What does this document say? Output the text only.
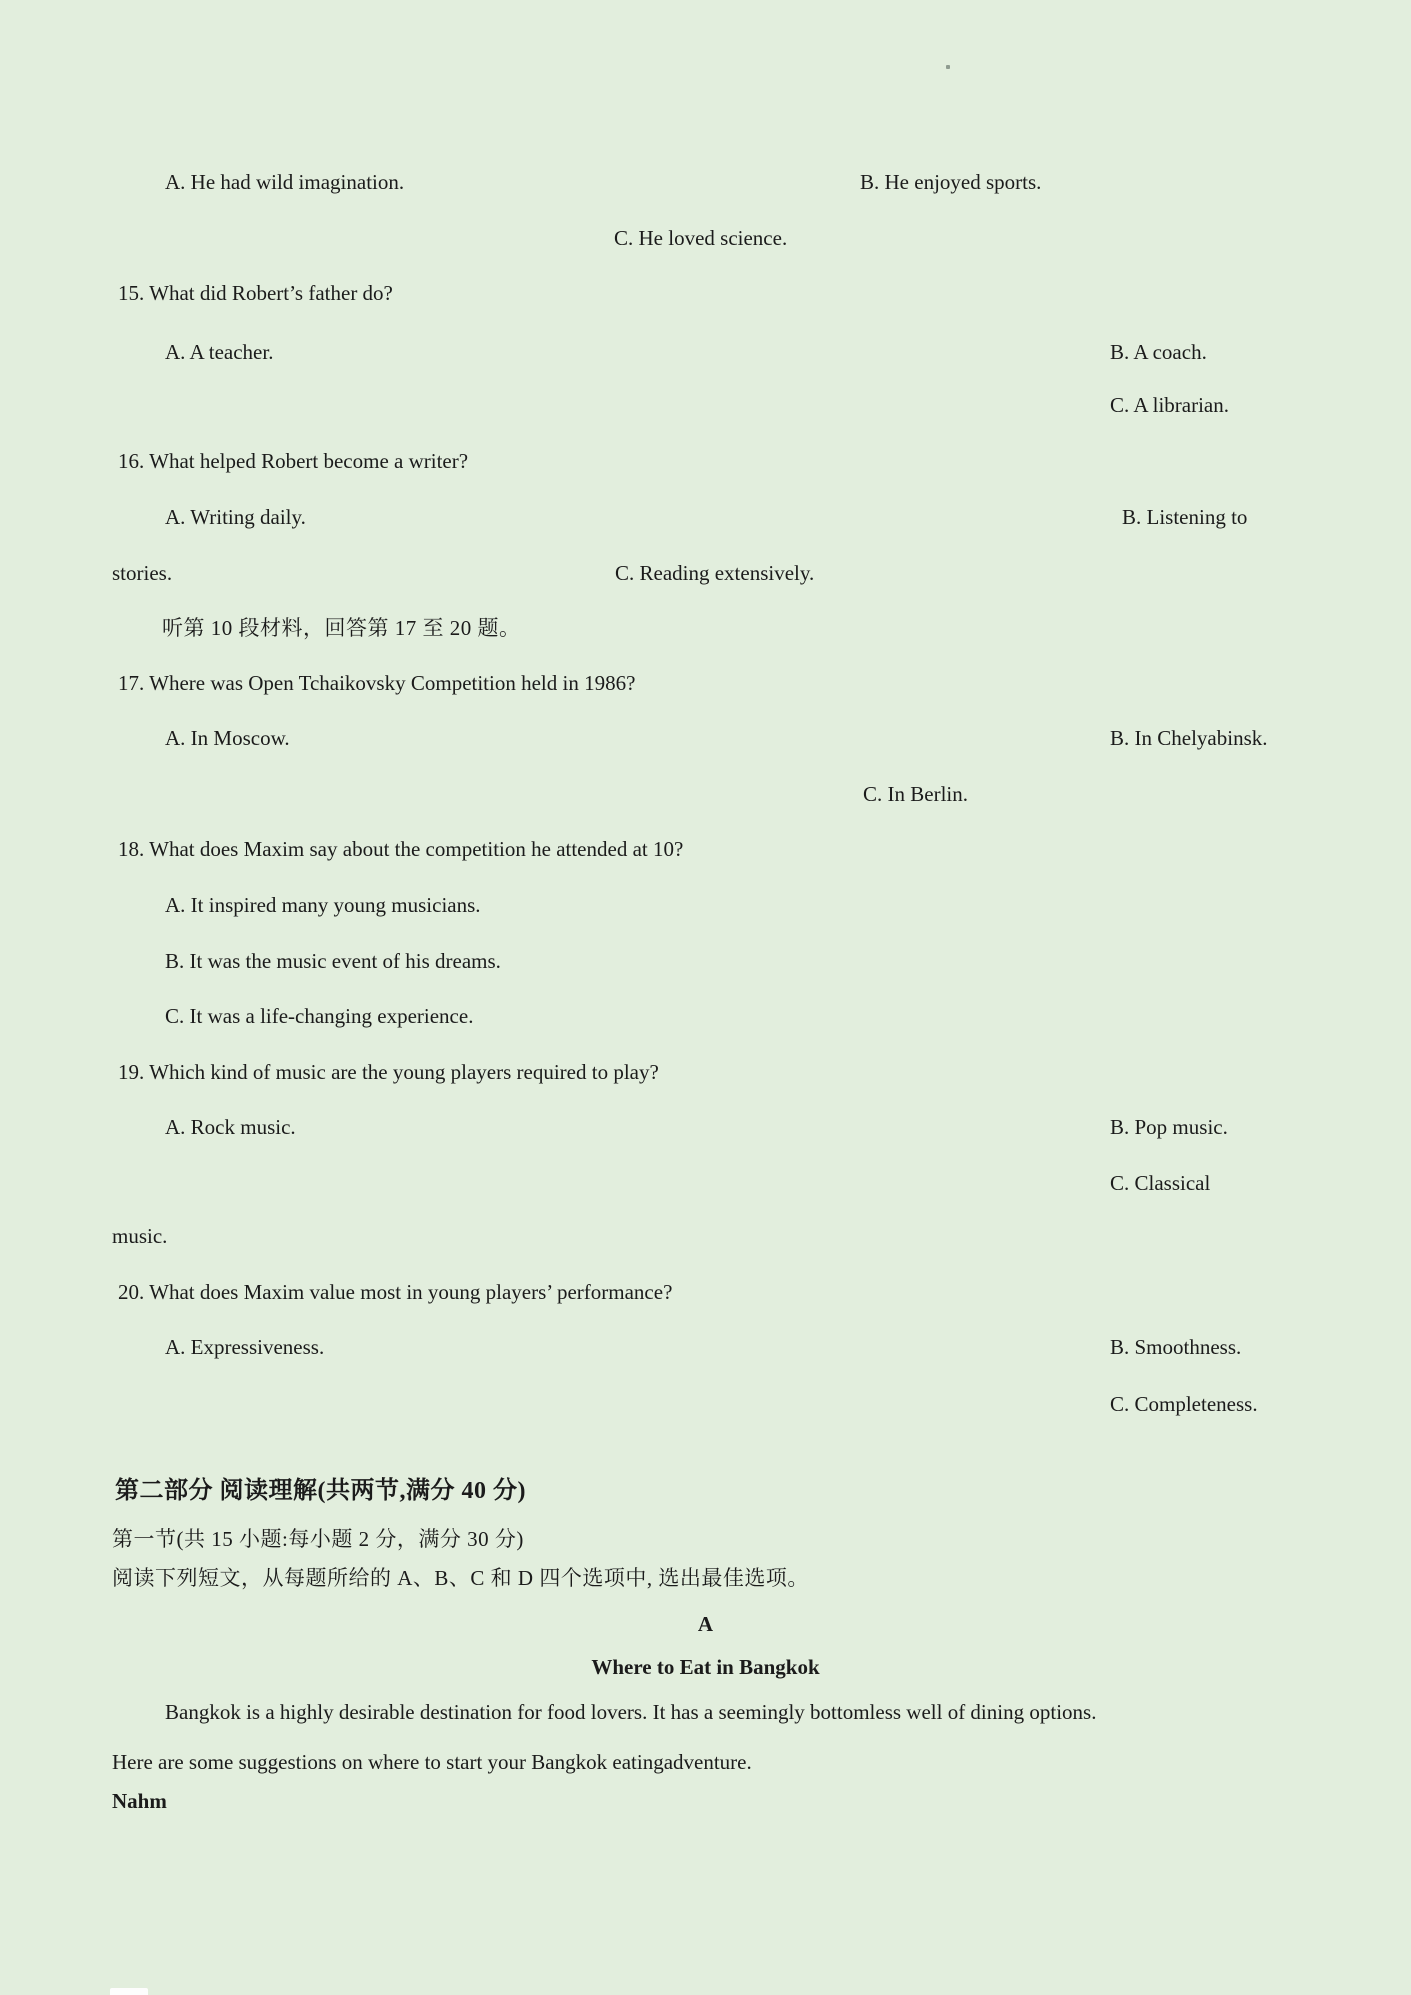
A. He had wild imagination.	B. He enjoyed sports.
C. He loved science.
15. What did Robert’s father do?
A. A teacher.	B. A coach.
C. A librarian.
16. What helped Robert become a writer?
A. Writing daily.	B. Listening to
stories.	C. Reading extensively.
听第 10 段材料，回答第 17 至 20 题。
17. Where was Open Tchaikovsky Competition held in 1986?
A. In Moscow.	B. In Chelyabinsk.
C. In Berlin.
18. What does Maxim say about the competition he attended at 10?
A. It inspired many young musicians.
B. It was the music event of his dreams.
C. It was a life-changing experience.
19. Which kind of music are the young players required to play?
A. Rock music.	B. Pop music.
C. Classical
music.
20. What does Maxim value most in young players’ performance?
A. Expressiveness.	B. Smoothness.
C. Completeness.
第二部分 阅读理解(共两节,满分 40 分)
第一节(共 15 小题:每小题 2 分，满分 30 分)
阅读下列短文，从每题所给的 A、B、C 和 D 四个选项中, 选出最佳选项。
A
Where to Eat in Bangkok
Bangkok is a highly desirable destination for food lovers. It has a seemingly bottomless well of dining options.
Here are some suggestions on where to start your Bangkok eatingadventure.
Nahm
